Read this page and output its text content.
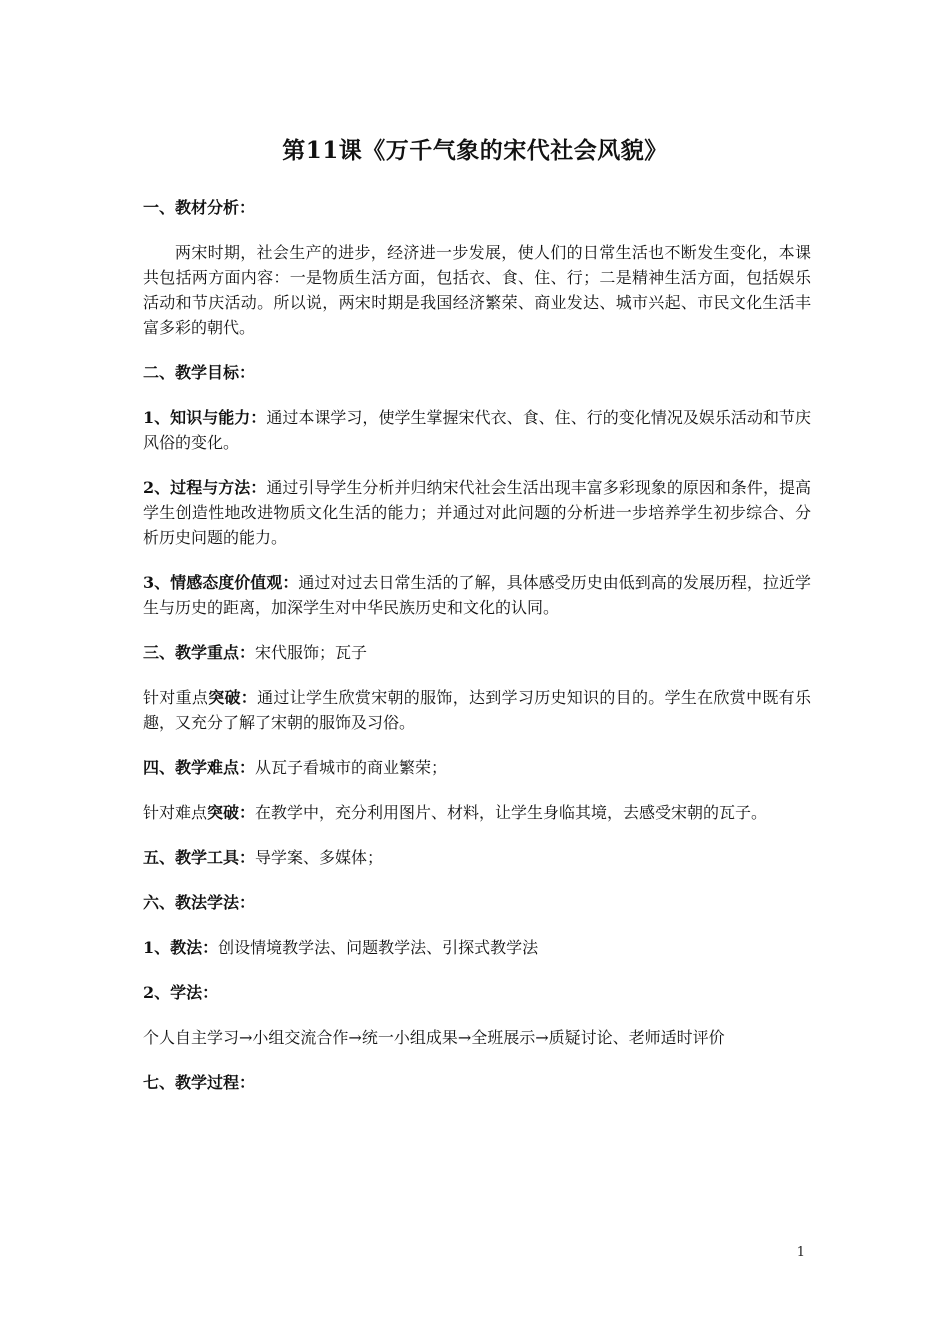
第11课《万千气象的宋代社会风貌》

一、教材分析：

两宋时期，社会生产的进步，经济进一步发展，使人们的日常生活也不断发生变化，本课共包括两方面内容：一是物质生活方面，包括衣、食、住、行；二是精神生活方面，包括娱乐活动和节庆活动。所以说，两宋时期是我国经济繁荣、商业发达、城市兴起、市民文化生活丰富多彩的朝代。

二、教学目标：

1、知识与能力：通过本课学习，使学生掌握宋代衣、食、住、行的变化情况及娱乐活动和节庆风俗的变化。

2、过程与方法：通过引导学生分析并归纳宋代社会生活出现丰富多彩现象的原因和条件，提高学生创造性地改进物质文化生活的能力；并通过对此问题的分析进一步培养学生初步综合、分析历史问题的能力。

3、情感态度价值观：通过对过去日常生活的了解，具体感受历史由低到高的发展历程，拉近学生与历史的距离，加深学生对中华民族历史和文化的认同。

三、教学重点：宋代服饰；瓦子

针对重点突破：通过让学生欣赏宋朝的服饰，达到学习历史知识的目的。学生在欣赏中既有乐趣，又充分了解了宋朝的服饰及习俗。

四、教学难点：从瓦子看城市的商业繁荣；

针对难点突破：在教学中，充分利用图片、材料，让学生身临其境，去感受宋朝的瓦子。

五、教学工具：导学案、多媒体；

六、教法学法：

1、教法：创设情境教学法、问题教学法、引探式教学法

2、学法：

个人自主学习→小组交流合作→统一小组成果→全班展示→质疑讨论、老师适时评价

七、教学过程：

1
